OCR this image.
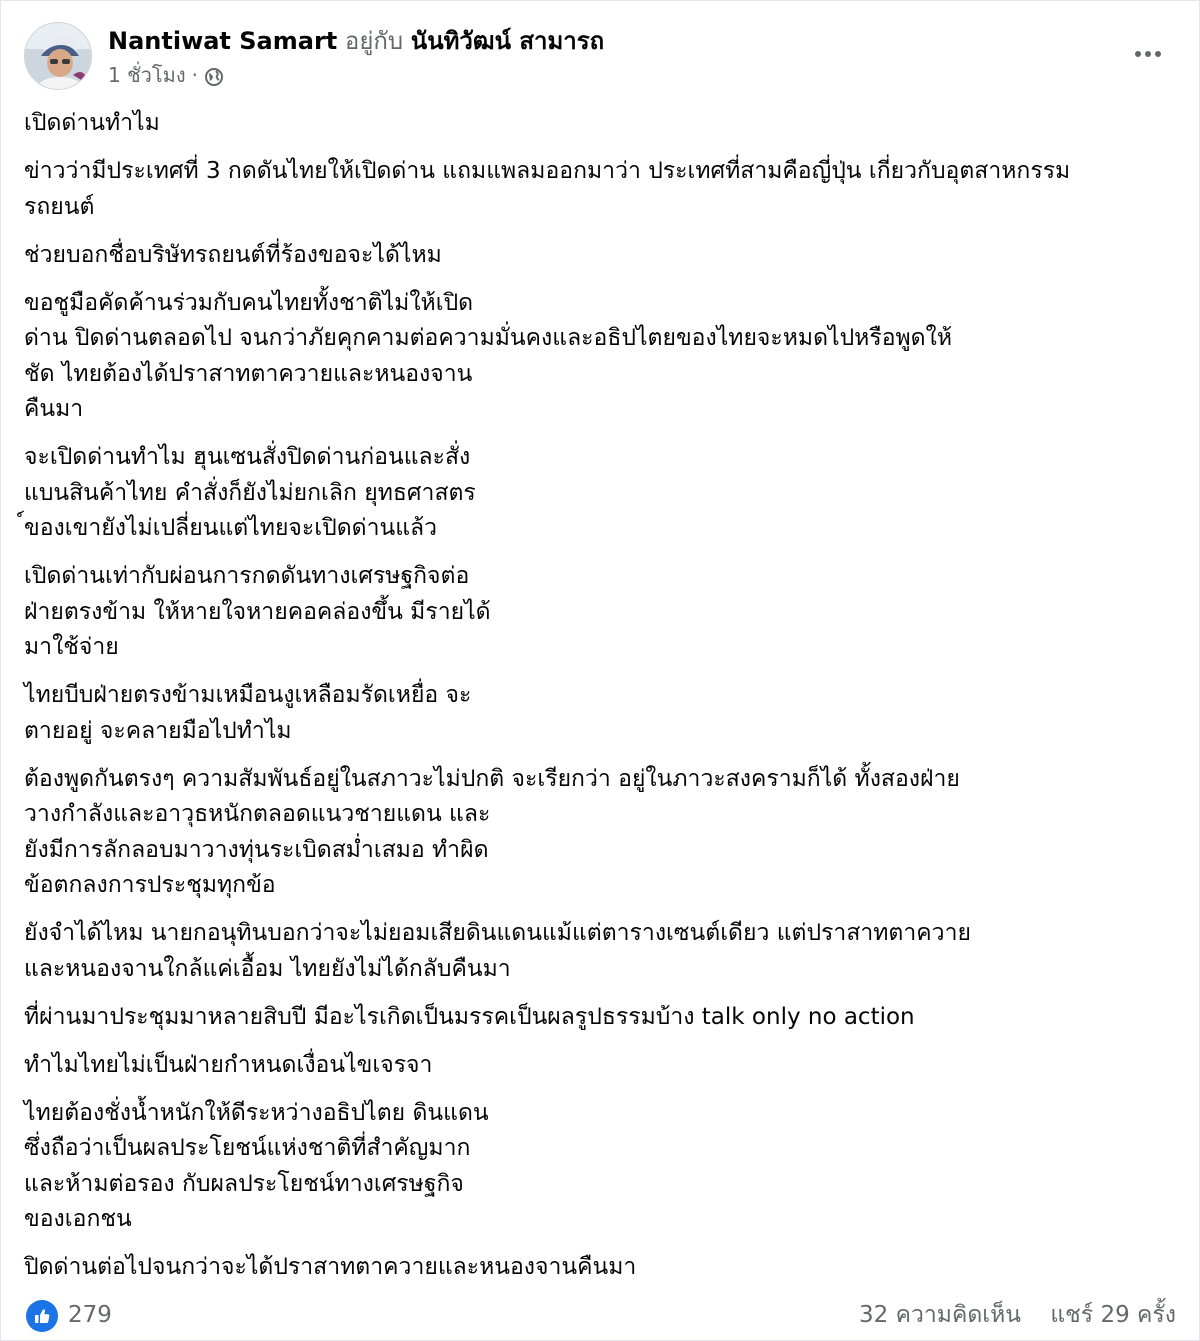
Nantiwat Samart อยู่กับ นันทิวัฒน์ สามารถ
1 ชั่วโมง ·

เปิดด่านทำไม

ข่าวว่ามีประเทศที่ 3 กดดันไทยให้เปิดด่าน แถมแพลมออกมาว่า ประเทศที่สามคือญี่ปุ่น เกี่ยวกับอุตสาหกรรม
รถยนต์

ช่วยบอกชื่อบริษัทรถยนต์ที่ร้องขอจะได้ไหม

ขอชูมือคัดค้านร่วมกับคนไทยทั้งชาติไม่ให้เปิด
ด่าน ปิดด่านตลอดไป จนกว่าภัยคุกคามต่อความมั่นคงและอธิปไตยของไทยจะหมดไปหรือพูดให้
ชัด ไทยต้องได้ปราสาทตาควายและหนองจาน
คืนมา

จะเปิดด่านทำไม ฮุนเซนสั่งปิดด่านก่อนและสั่ง
แบนสินค้าไทย คำสั่งก็ยังไม่ยกเลิก ยุทธศาสตร
์ของเขายังไม่เปลี่ยนแต่ไทยจะเปิดด่านแล้ว

เปิดด่านเท่ากับผ่อนการกดดันทางเศรษฐกิจต่อ
ฝ่ายตรงข้าม ให้หายใจหายคอคล่องขึ้น มีรายได้
มาใช้จ่าย

ไทยบีบฝ่ายตรงข้ามเหมือนงูเหลือมรัดเหยื่อ จะ
ตายอยู่ จะคลายมือไปทำไม

ต้องพูดกันตรงๆ ความสัมพันธ์อยู่ในสภาวะไม่ปกติ จะเรียกว่า อยู่ในภาวะสงครามก็ได้ ทั้งสองฝ่าย
วางกำลังและอาวุธหนักตลอดแนวชายแดน และ
ยังมีการลักลอบมาวางทุ่นระเบิดสม่ำเสมอ ทำผิด
ข้อตกลงการประชุมทุกข้อ

ยังจำได้ไหม นายกอนุทินบอกว่าจะไม่ยอมเสียดินแดนแม้แต่ตารางเซนต์เดียว แต่ปราสาทตาควาย
และหนองจานใกล้แค่เอื้อม ไทยยังไม่ได้กลับคืนมา

ที่ผ่านมาประชุมมาหลายสิบปี มีอะไรเกิดเป็นมรรคเป็นผลรูปธรรมบ้าง talk only no action

ทำไมไทยไม่เป็นฝ่ายกำหนดเงื่อนไขเจรจา

ไทยต้องชั่งน้ำหนักให้ดีระหว่างอธิปไตย ดินแดน
ซึ่งถือว่าเป็นผลประโยชน์แห่งชาติที่สำคัญมาก
และห้ามต่อรอง กับผลประโยชน์ทางเศรษฐกิจ
ของเอกชน

ปิดด่านต่อไปจนกว่าจะได้ปราสาทตาควายและหนองจานคืนมา

279	32 ความคิดเห็น แชร์ 29 ครั้ง
